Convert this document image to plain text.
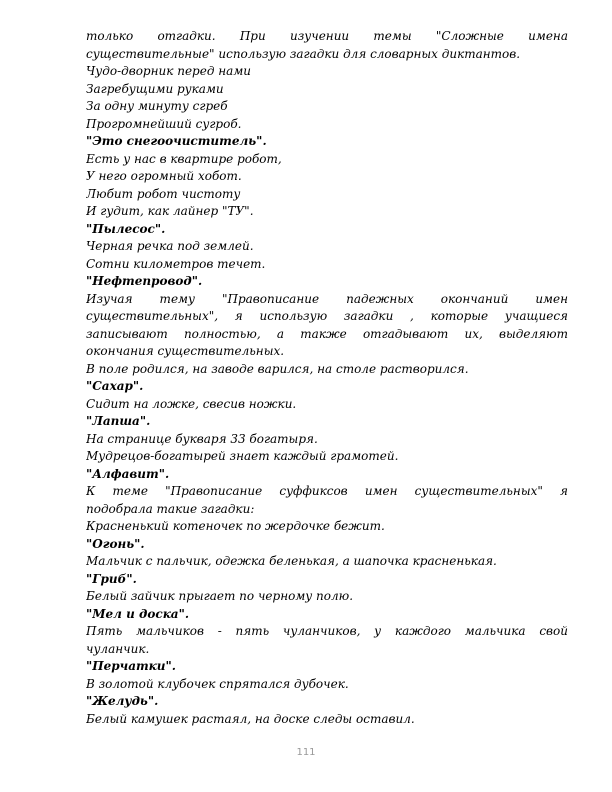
только отгадки. При изучении темы "Сложные имена
существительные" использую загадки для словарных диктантов.
Чудо-дворник перед нами
Загребущими руками
За одну минуту сгреб
Прогромнейший сугроб.
"Это снегоочиститель".
Есть у нас в квартире робот,
У него огромный хобот.
Любит робот чистоту
И гудит, как лайнер "ТУ".
"Пылесос".
Черная речка под землей.
Сотни километров течет.
"Нефтепровод".
Изучая тему "Правописание падежных окончаний имен
существительных", я использую загадки , которые учащиеся
записывают полностью, а также отгадывают их, выделяют
окончания существительных.
В поле родился, на заводе варился, на столе растворился.
"Сахар".
Сидит на ложке, свесив ножки.
"Лапша".
На странице букваря 33 богатыря.
Мудрецов-богатырей знает каждый грамотей.
"Алфавит".
К теме "Правописание суффиксов имен существительных" я
подобрала такие загадки:
Красненький котеночек по жердочке бежит.
"Огонь".
Мальчик с пальчик, одежка беленькая, а шапочка красненькая.
"Гриб".
Белый зайчик прыгает по черному полю.
"Мел и доска".
Пять мальчиков - пять чуланчиков, у каждого мальчика свой
чуланчик.
"Перчатки".
В золотой клубочек спрятался дубочек.
"Желудь".
Белый камушек растаял, на доске следы оставил.
111
